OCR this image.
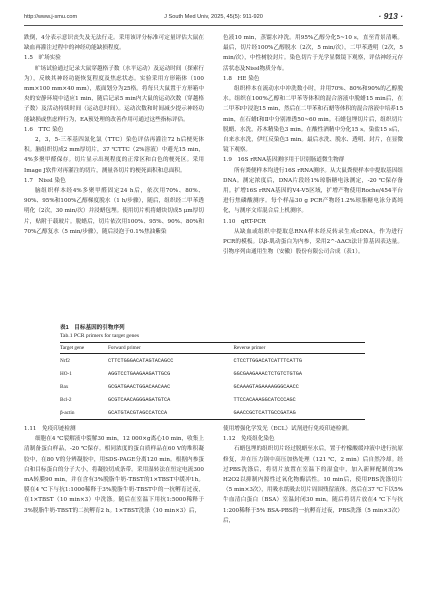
http://www.j-smu.com	J South Med Univ, 2025, 45(5): 911-920	· 913 ·

跌倒，4分表示意识丧失及无法行走。采用该评分标准可定量评估大鼠在缺血再灌注过程中的神经功能缺损程度。

1.5　旷场实验

旷场试验通过记录大鼠穿越格子数（水平运动）及运动时间（探索行为），反映其神经功能恢复程度及焦虑状态。实验采用方形箱体（100 mm×100 mm×40 mm），底面划分为25格。将每只大鼠置于方形箱中央的安静环境中适应1 min，随后记录5 min内大鼠的运动次数（穿越格子数）及活动持续时间（运动总时间）。运动次数和时间减少提示神经功能缺损或焦虑样行为，EA预处理的改善作用可通过这些指标评估。

1.6　TTC 染色

2，3，5-三苯基四氮化氯（TTC）染色评估再灌注72 h后梗死体积。脑组织切成2 mm厚切片，37 ℃TTC（2%溶液）中避光15 min，4%多聚甲醛保存。切片显示出现程度的正常区和白色的梗死区。采用Image J软件对再灌注的切片，测量各切片的梗死面积和总面积。

1.7　Nissl 染色

脑组织样本经4%多聚甲醛固定24 h后，依次用70%、80%、90%、95%和100%乙醇梯度脱水（1 h/步骤），随后，组织经二甲苯透明化（2次，30 min/次）并浸蜡包埋。使用切片机将蜡块切成5 μm厚切片，贴附于载玻片。脱蜡后，切片依次用100%、95%、90%、80%和70%乙醇复水（5 min/步骤），随后浸泡于0.1%焦油紫染

色液10 min，蒸馏水冲洗。用95%乙醇分化5~10 s，直至背景清晰。最后，切片经100%乙醇脱水（2次，5 min/次），二甲苯透明（2次，5 min/次），中性树胶封片。染色切片于光学显微镜下观察，评估神经元存活状态及Nissl物质分布。

1.8　HE 染色

组织样本在流动水中冲洗数小时，并用70%、80%和90%的乙醇脱水。组织在100%乙醇和二甲苯等体积的混合溶液中脱蜡15 min后，在二甲苯Ⅰ中浸泡15 min，然后在二甲苯和石蜡等体积的混合溶液中培养15 min，在石蜡Ⅰ和Ⅱ中分别渗透50~60 min。石蜡包埋切片后，组织切片脱蜡、水洗，苏木精染色3 min。在酸性酒精中分化15 s，染盐15 s后，自来水水洗，伊红反染色3 min。最后水洗、脱水、透明、封片，在显微镜下观察。

1.9　16S rRNA基因测序用于识别肠道微生物群

所有粪便样本均进行16S rRNA测序。从大鼠粪便样本中提取基因组DNA。测定浓度后，DNA片段经1%琼脂糖电泳测定，-20 ℃保存备用。扩增16S rRNA基因的V4-V5区域，扩增产物使用Roche/454平台进行焦磷酸测序。每个样品30 g PCR产物经1.2%琼脂糖电泳分离纯化，与测序文库混合后上机测序。

1.10　qRT-PCR

从缺血或组织中提取总RNA样本经反转录生成cDNA，作为进行PCR的模板。以β-肌动蛋白为内参，采用2^-ΔΔCt法计算基因表达量。引物序列由通用生物（安徽）股份有限公司合成（表1）。

表1　目标基因的引物序列
Tab.1 PCR primers for target genes
Target gene	Forward primer	Reverse primer
Nrf2	CTTCTGGGACATAGTACAGCC	CTCCTTGGACATCATTTCATTG
HO-1	AGGTCCTGAAGAAGATTGCG	GGCGAAGAAACTCTGTCTGTGA
Bax	GCGATGAACTGGACAACAAC	GCAAAGTAGAAAAGGGCAACC
Bcl-2	GCGTCAACAGGGAGATGTCA	TTCCACAAAGGCATCCCAGC
β-actin	GCATGTACGTAGCCATCCA	GAACCGCTCATTGCCGATAG

1.11　免疫印迹检测

细胞在4 ℃裂解液中裂解30 min，12 000×g离心10 min，收集上清制备蛋白样品，-20 ℃保存。相同浓度的蛋白质样品在60 V的堆积凝胶中，在80 V的分辨凝胶中，用SDS-PAGE分离120 min。根据内参蛋白和目标蛋白的分子大小，将凝胶切成条带。采用湿转法在恒定电流300 mA转膜90 min，并在含有3%脱脂牛奶-TBST的1×TBST中缓冲1h。膜在4 ℃下与抗1:1000稀释于3%脱脂牛奶-TBST中的一抗孵育过夜，在1×TBST（10 min×3）中洗涤。随后在室温下用抗1:5000稀释于3%脱脂牛奶-TBST的二抗孵育2 h。1×TBST洗涤（10 min×3）后，

使用增强化学发光（ECL）试剂进行免疫印迹检测。

1.12　免疫组化染色

石蜡包埋的组织切片经过脱蜡至水后，置于柠檬酸缓冲液中进行抗原修复，并在压力锅中高压加热处理（121 ℃，2 min）后自然冷却。经过PBS洗涤后，将切片放置在室温下的湿盒中，加入新鲜配制的3% H2O2以抑制内源性过氧化物酶活性。10 min后，使用PBS洗涤切片（5 min×3次），用吸水纸吸去切片周围残留液体。然后在37 ℃下以5%牛血清白蛋白（BSA）室温封闭30 min。随后将切片放在4 ℃下与抗1:200稀释于5% BSA-PBS的一抗孵育过夜，PBS洗涤（5 min×3次）后，
